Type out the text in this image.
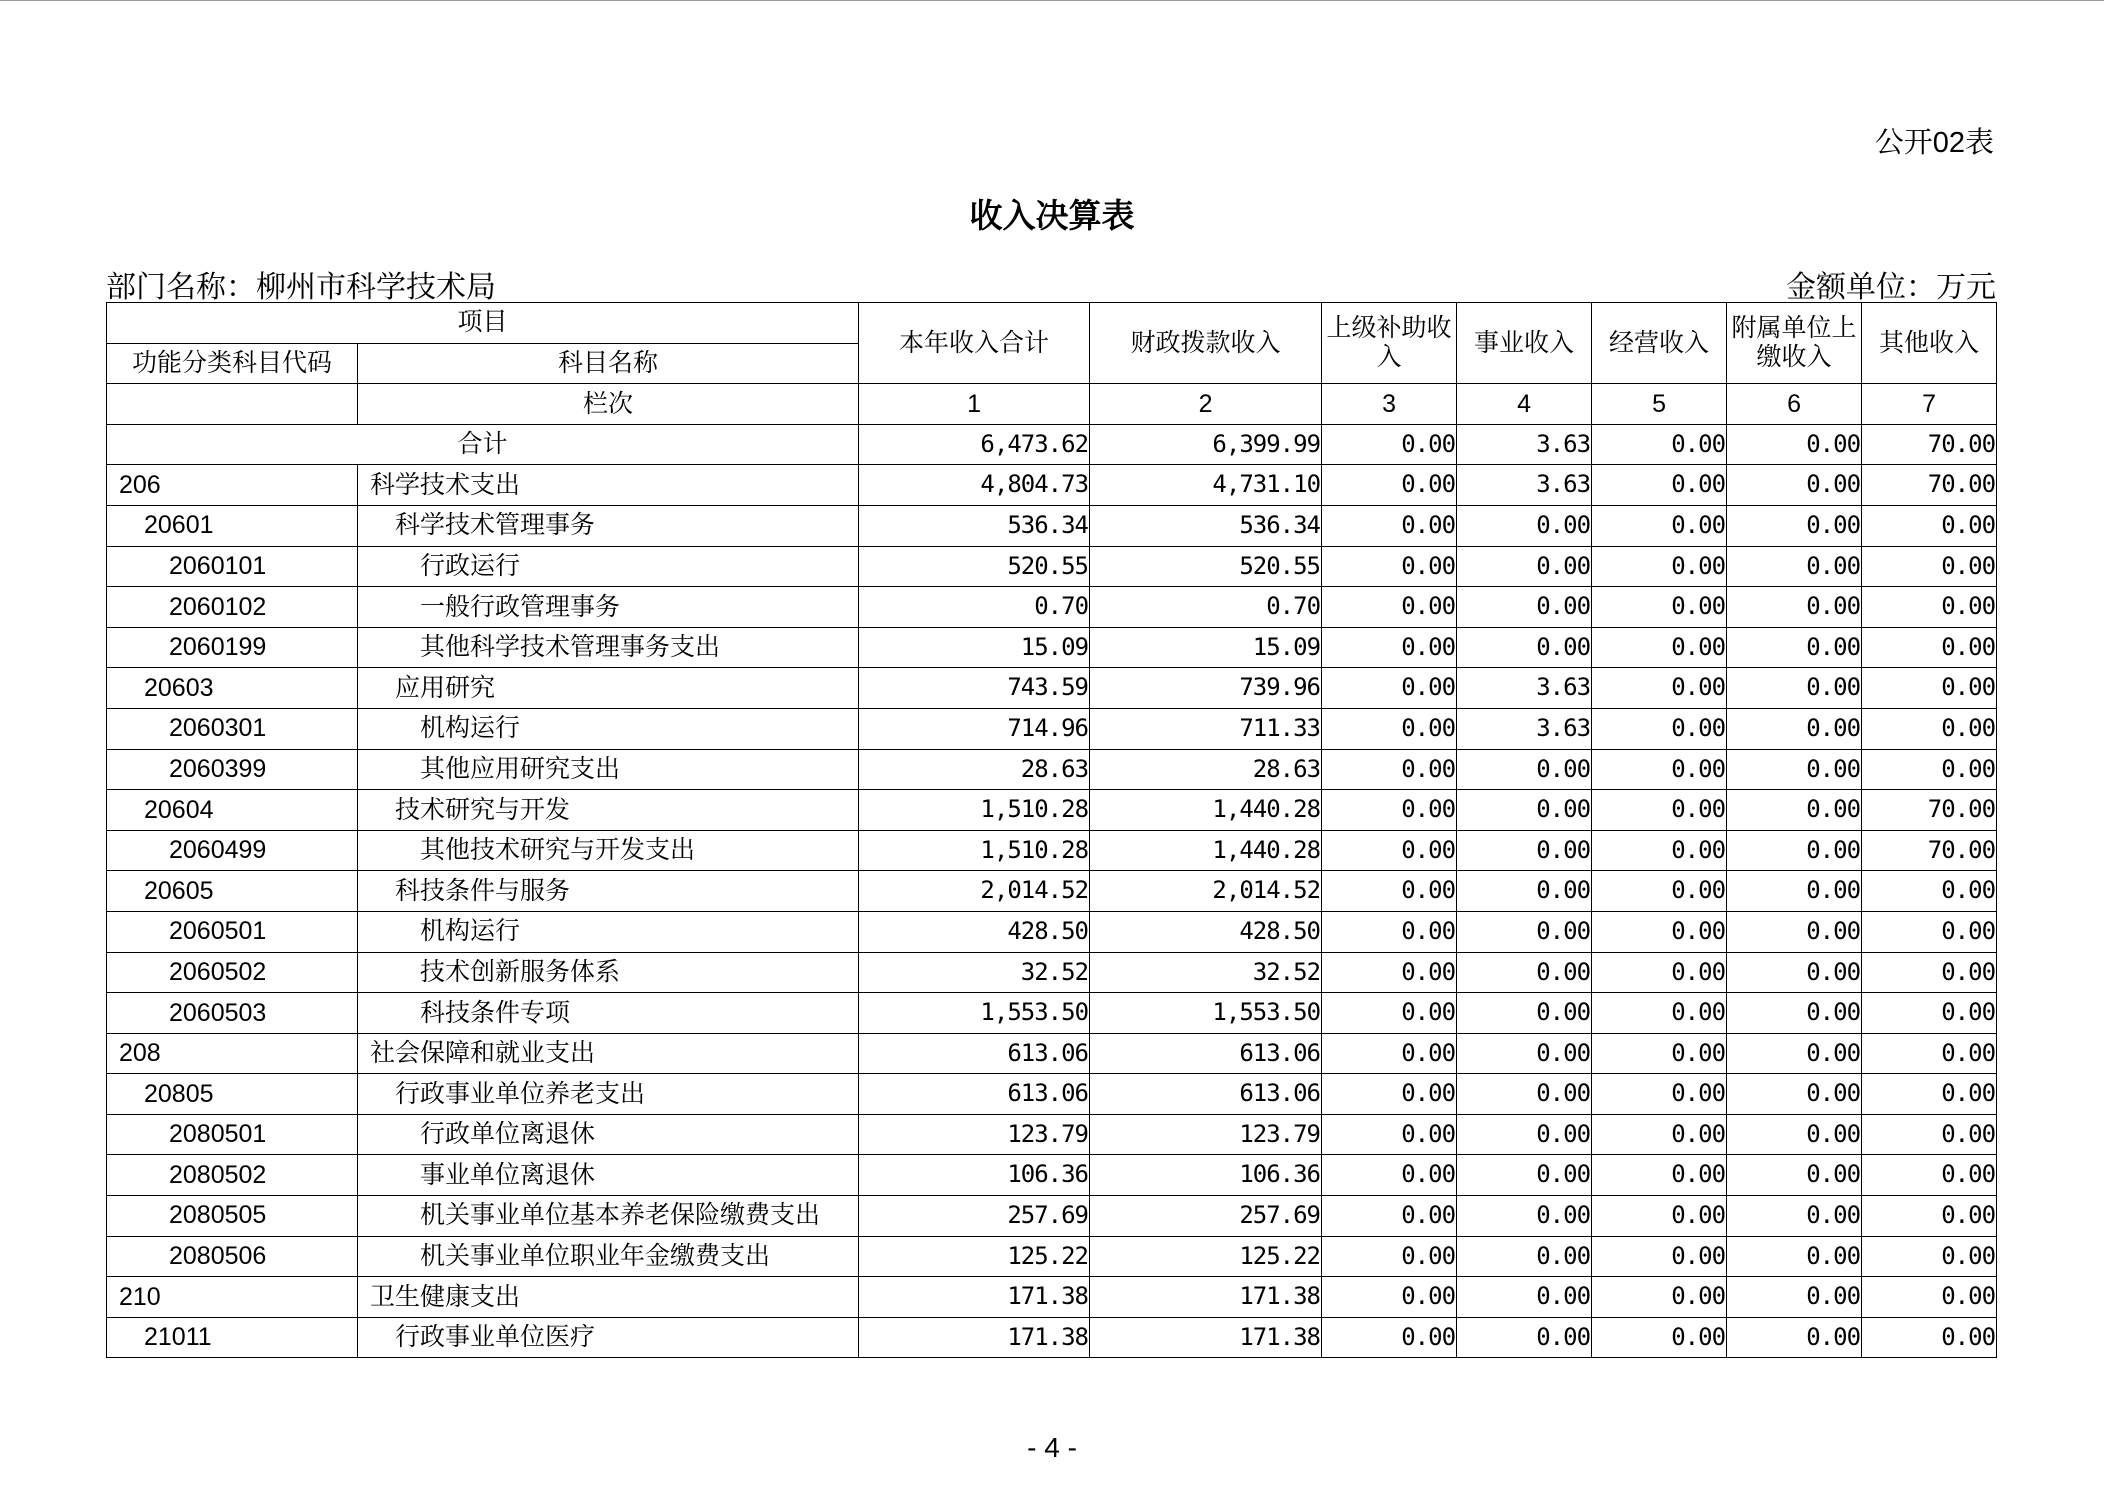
公开02表
收入决算表
部门名称：柳州市科学技术局	金额单位：万元
项目		本年收入合计	财政拨款收入	上级补助收入	事业收入	经营收入	附属单位上缴收入	其他收入
功能分类科目代码	科目名称							
	栏次	1	2	3	4	5	6	7
合计		6,473.62	6,399.99	0.00	3.63	0.00	0.00	70.00
206	科学技术支出	4,804.73	4,731.10	0.00	3.63	0.00	0.00	70.00
20601	科学技术管理事务	536.34	536.34	0.00	0.00	0.00	0.00	0.00
2060101	行政运行	520.55	520.55	0.00	0.00	0.00	0.00	0.00
2060102	一般行政管理事务	0.70	0.70	0.00	0.00	0.00	0.00	0.00
2060199	其他科学技术管理事务支出	15.09	15.09	0.00	0.00	0.00	0.00	0.00
20603	应用研究	743.59	739.96	0.00	3.63	0.00	0.00	0.00
2060301	机构运行	714.96	711.33	0.00	3.63	0.00	0.00	0.00
2060399	其他应用研究支出	28.63	28.63	0.00	0.00	0.00	0.00	0.00
20604	技术研究与开发	1,510.28	1,440.28	0.00	0.00	0.00	0.00	70.00
2060499	其他技术研究与开发支出	1,510.28	1,440.28	0.00	0.00	0.00	0.00	70.00
20605	科技条件与服务	2,014.52	2,014.52	0.00	0.00	0.00	0.00	0.00
2060501	机构运行	428.50	428.50	0.00	0.00	0.00	0.00	0.00
2060502	技术创新服务体系	32.52	32.52	0.00	0.00	0.00	0.00	0.00
2060503	科技条件专项	1,553.50	1,553.50	0.00	0.00	0.00	0.00	0.00
208	社会保障和就业支出	613.06	613.06	0.00	0.00	0.00	0.00	0.00
20805	行政事业单位养老支出	613.06	613.06	0.00	0.00	0.00	0.00	0.00
2080501	行政单位离退休	123.79	123.79	0.00	0.00	0.00	0.00	0.00
2080502	事业单位离退休	106.36	106.36	0.00	0.00	0.00	0.00	0.00
2080505	机关事业单位基本养老保险缴费支出	257.69	257.69	0.00	0.00	0.00	0.00	0.00
2080506	机关事业单位职业年金缴费支出	125.22	125.22	0.00	0.00	0.00	0.00	0.00
210	卫生健康支出	171.38	171.38	0.00	0.00	0.00	0.00	0.00
21011	行政事业单位医疗	171.38	171.38	0.00	0.00	0.00	0.00	0.00
- 4 -
